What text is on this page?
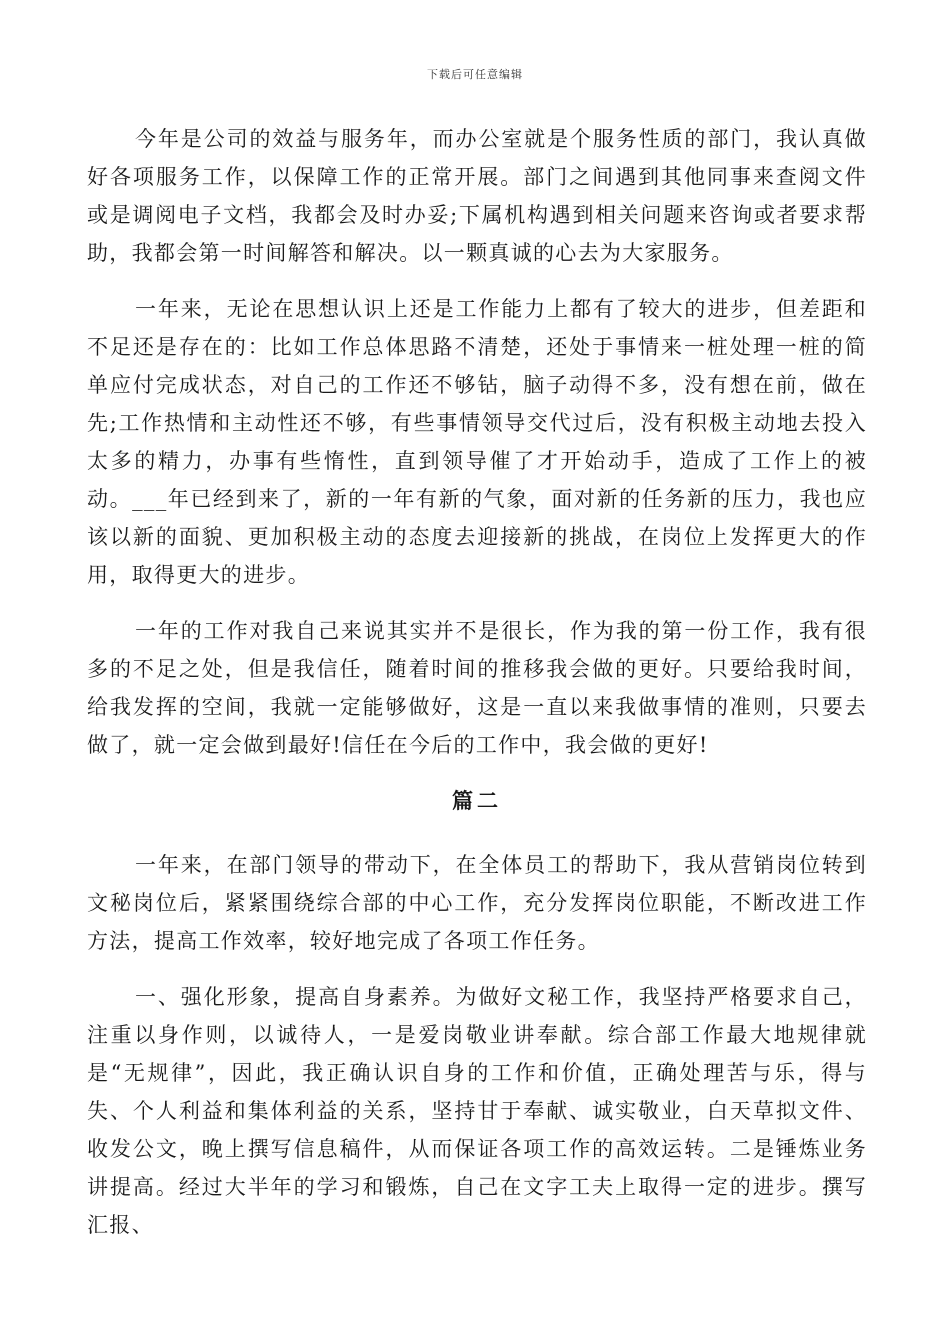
下载后可任意编辑

今年是公司的效益与服务年，而办公室就是个服务性质的部门，我认真做好各项服务工作，以保障工作的正常开展。部门之间遇到其他同事来查阅文件或是调阅电子文档，我都会及时办妥;下属机构遇到相关问题来咨询或者要求帮助，我都会第一时间解答和解决。以一颗真诚的心去为大家服务。

一年来，无论在思想认识上还是工作能力上都有了较大的进步，但差距和不足还是存在的：比如工作总体思路不清楚，还处于事情来一桩处理一桩的简单应付完成状态，对自己的工作还不够钻，脑子动得不多，没有想在前，做在先;工作热情和主动性还不够，有些事情领导交代过后，没有积极主动地去投入太多的精力，办事有些惰性，直到领导催了才开始动手，造成了工作上的被动。___年已经到来了，新的一年有新的气象，面对新的任务新的压力，我也应该以新的面貌、更加积极主动的态度去迎接新的挑战，在岗位上发挥更大的作用，取得更大的进步。

一年的工作对我自己来说其实并不是很长，作为我的第一份工作，我有很多的不足之处，但是我信任，随着时间的推移我会做的更好。只要给我时间，给我发挥的空间，我就一定能够做好，这是一直以来我做事情的准则，只要去做了，就一定会做到最好!信任在今后的工作中，我会做的更好!

篇二

一年来，在部门领导的带动下，在全体员工的帮助下，我从营销岗位转到文秘岗位后，紧紧围绕综合部的中心工作，充分发挥岗位职能，不断改进工作方法，提高工作效率，较好地完成了各项工作任务。

一、强化形象，提高自身素养。为做好文秘工作，我坚持严格要求自己，注重以身作则，以诚待人，一是爱岗敬业讲奉献。综合部工作最大地规律就是“无规律”，因此，我正确认识自身的工作和价值，正确处理苦与乐，得与失、个人利益和集体利益的关系，坚持甘于奉献、诚实敬业，白天草拟文件、收发公文，晚上撰写信息稿件，从而保证各项工作的高效运转。二是锤炼业务讲提高。经过大半年的学习和锻炼，自己在文字工夫上取得一定的进步。撰写汇报、
